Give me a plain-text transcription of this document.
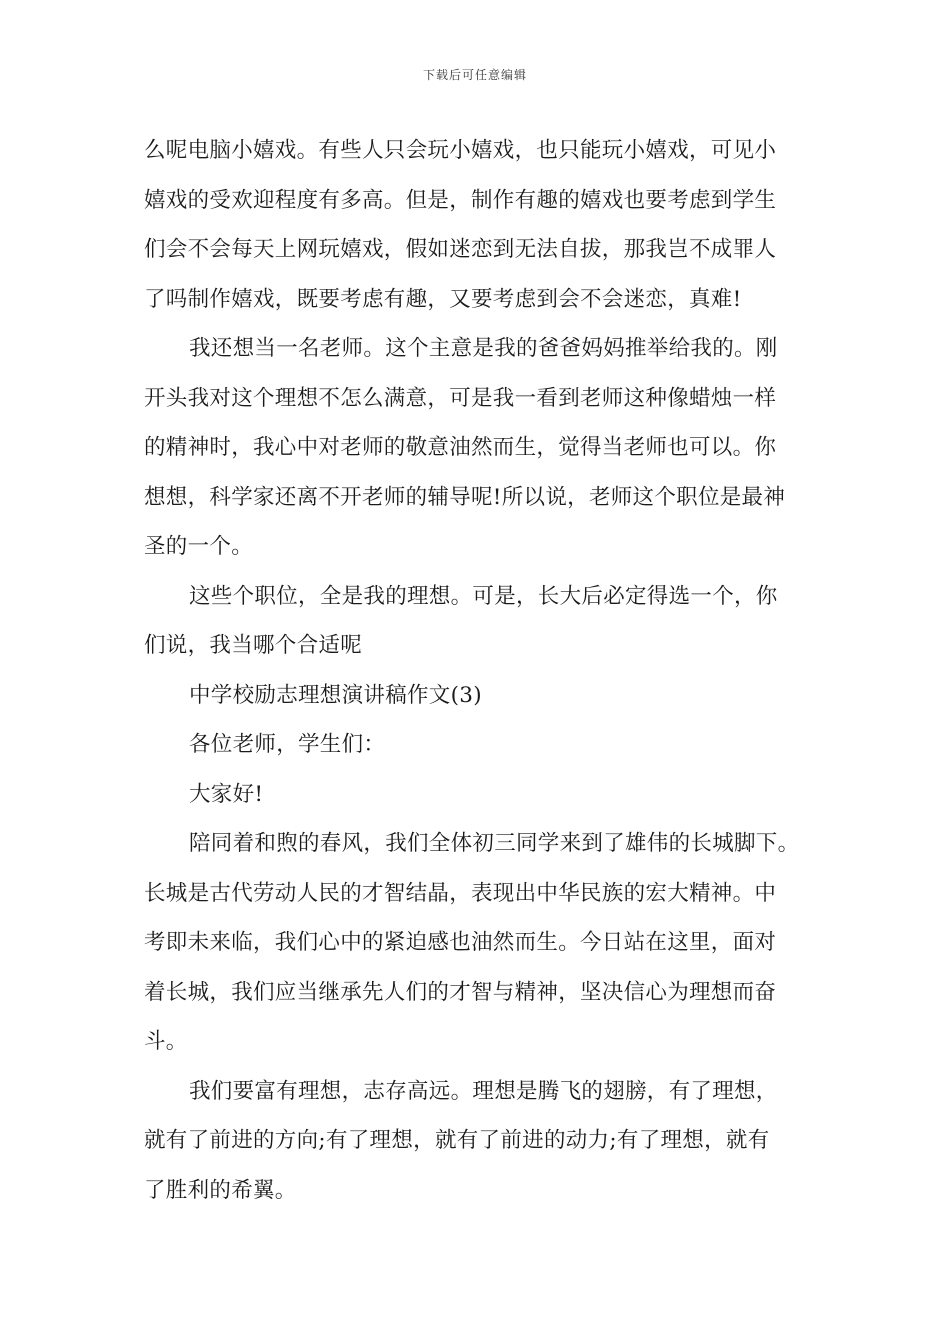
下载后可任意编辑

么呢电脑小嬉戏。有些人只会玩小嬉戏，也只能玩小嬉戏，可见小
嬉戏的受欢迎程度有多高。但是，制作有趣的嬉戏也要考虑到学生
们会不会每天上网玩嬉戏，假如迷恋到无法自拔，那我岂不成罪人
了吗制作嬉戏，既要考虑有趣，又要考虑到会不会迷恋，真难!

我还想当一名老师。这个主意是我的爸爸妈妈推举给我的。刚
开头我对这个理想不怎么满意，可是我一看到老师这种像蜡烛一样
的精神时，我心中对老师的敬意油然而生，觉得当老师也可以。你
想想，科学家还离不开老师的辅导呢!所以说，老师这个职位是最神
圣的一个。

这些个职位，全是我的理想。可是，长大后必定得选一个，你
们说，我当哪个合适呢

中学校励志理想演讲稿作文(3)

各位老师，学生们：

大家好!

陪同着和煦的春风，我们全体初三同学来到了雄伟的长城脚下。
长城是古代劳动人民的才智结晶，表现出中华民族的宏大精神。中
考即未来临，我们心中的紧迫感也油然而生。今日站在这里，面对
着长城，我们应当继承先人们的才智与精神，坚决信心为理想而奋
斗。

我们要富有理想，志存高远。理想是腾飞的翅膀，有了理想，
就有了前进的方向;有了理想，就有了前进的动力;有了理想，就有
了胜利的希翼。
